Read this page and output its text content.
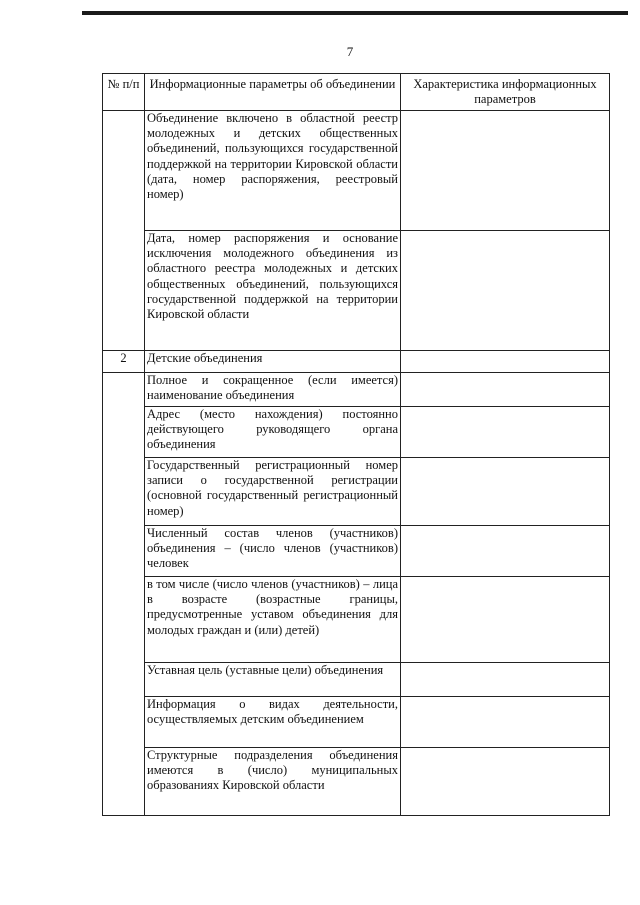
7
№ п/п	Информационные параметры об объединении	Характеристика информационных параметров
	Объединение включено в областной реестр молодежных и детских общественных объединений, пользующихся государственной поддержкой на территории Кировской области (дата, номер распоряжения, реестровый номер)	
	Дата, номер распоряжения и основание исключения молодежного объединения из областного реестра молодежных и детских общественных объединений, пользующихся государственной поддержкой на территории Кировской области	
2	Детские объединения	
	Полное и сокращенное (если имеется) наименование объединения	
	Адрес (место нахождения) постоянно действующего руководящего органа объединения	
	Государственный регистрационный номер записи о государственной регистрации (основной государственный регистрационный номер)	
	Численный состав членов (участников) объединения – (число членов (участников) человек	
	в том числе (число членов (участников) – лица в возрасте (возрастные границы, предусмотренные уставом объединения для молодых граждан и (или) детей)	
	Уставная цель (уставные цели) объединения	
	Информация о видах деятельности, осуществляемых детским объединением	
	Структурные подразделения объединения имеются в (число) муниципальных образованиях Кировской области	
